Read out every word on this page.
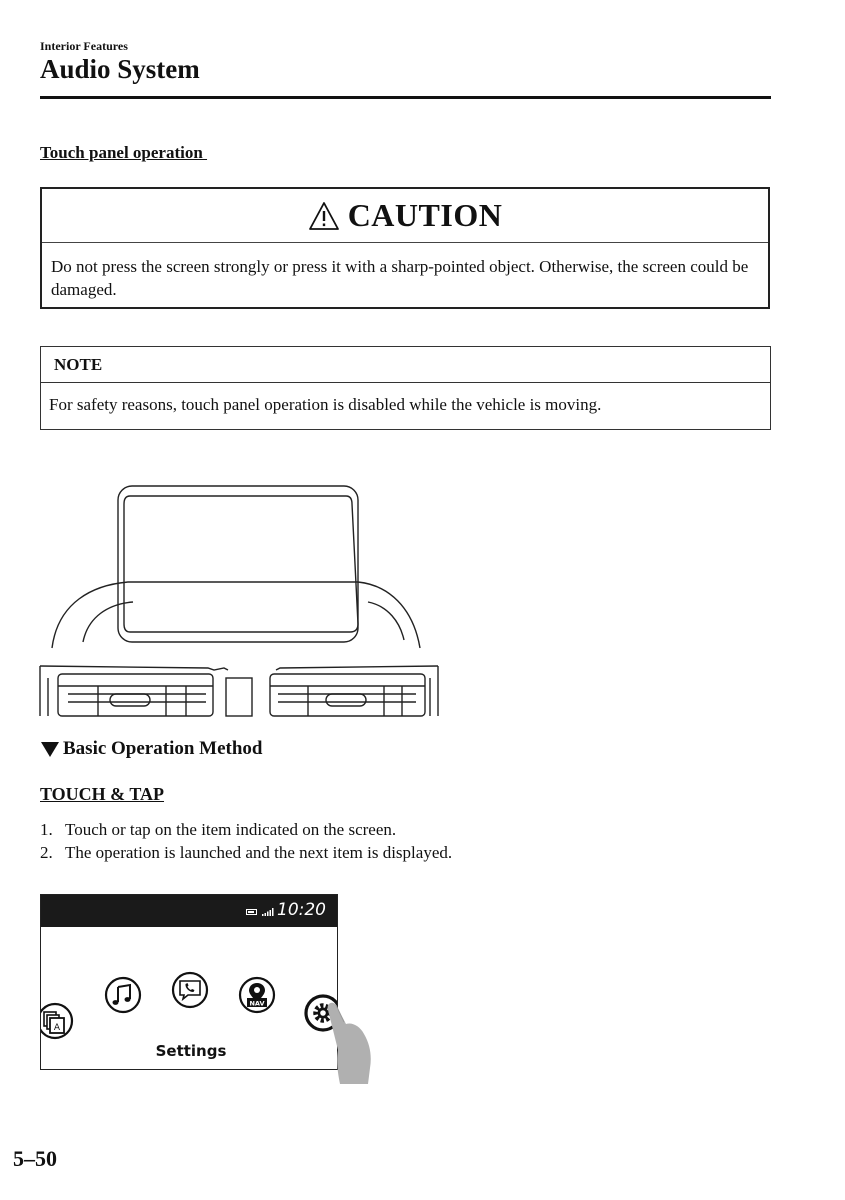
Interior Features
Audio System
Touch panel operation
CAUTION
Do not press the screen strongly or press it with a sharp-pointed object. Otherwise, the screen could be damaged.
NOTE
For safety reasons, touch panel operation is disabled while the vehicle is moving.
Basic Operation Method
TOUCH & TAP
1. Touch or tap on the item indicated on the screen.
2. The operation is launched and the next item is displayed.
10:20
A
NAV
Settings
5–50
